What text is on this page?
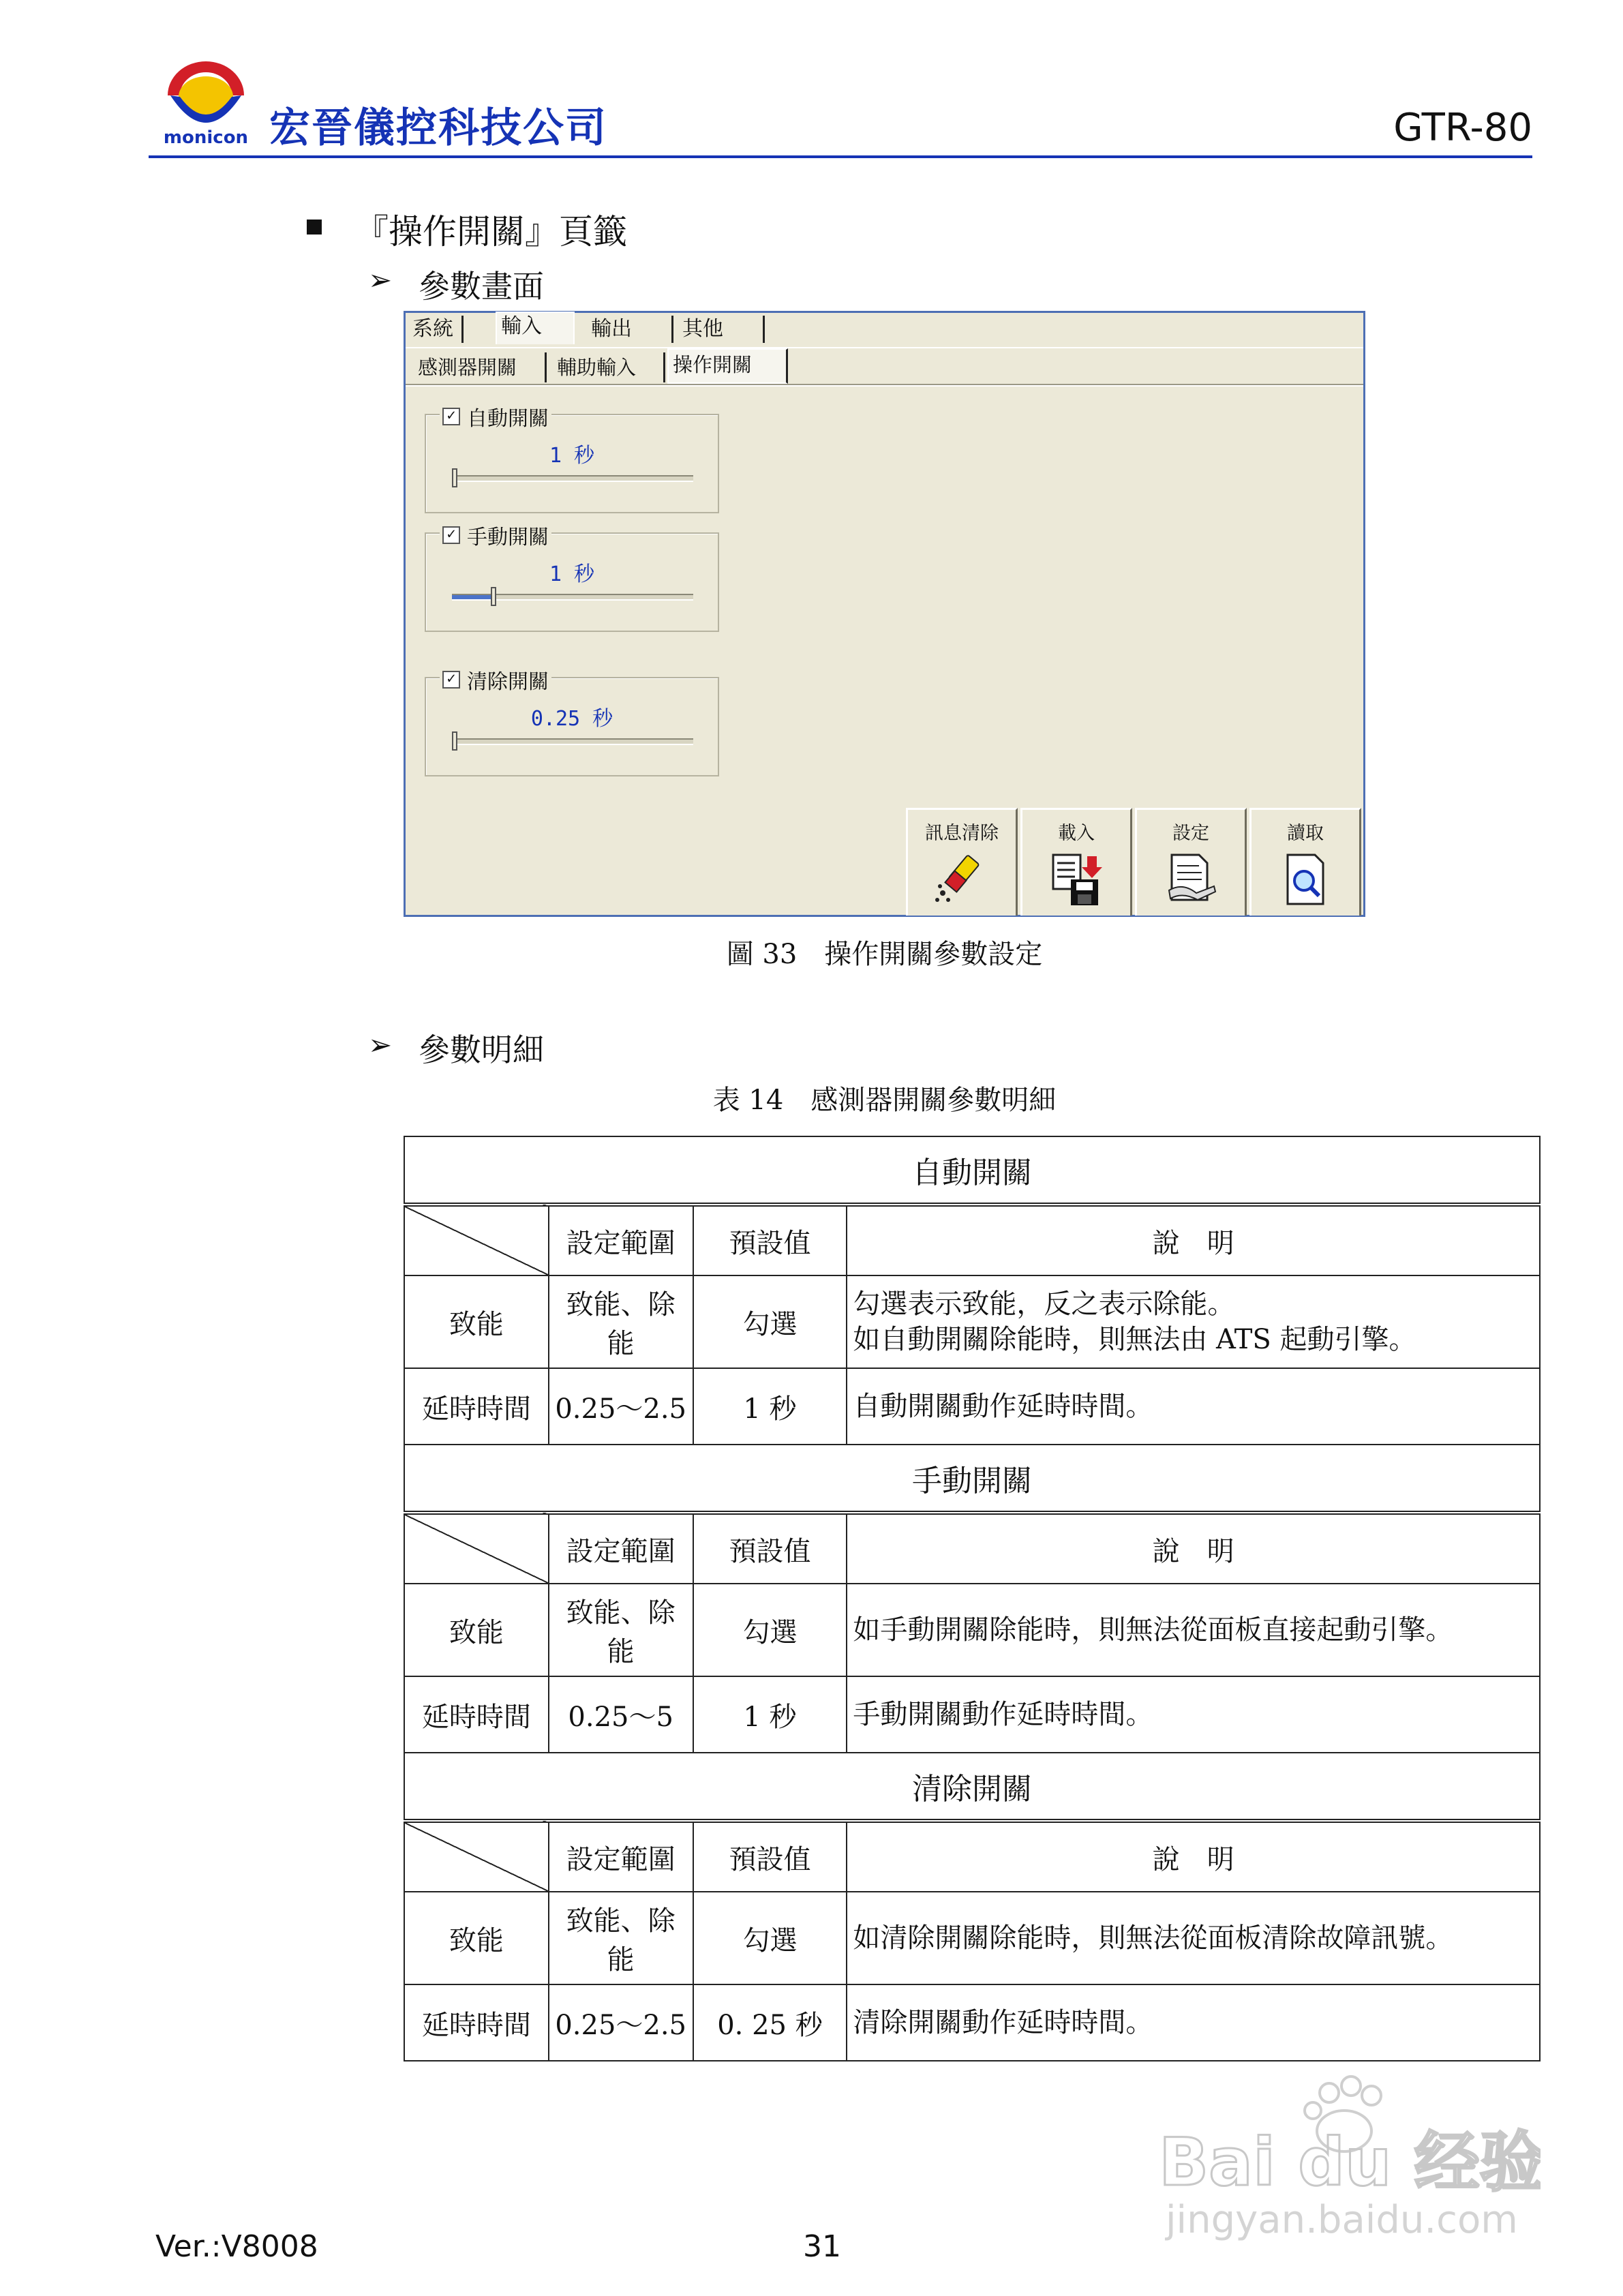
monicon 宏晉儀控科技公司	GTR-80
『操作開關』頁籤
➢ 參數畫面
系統	輸入	輸出	其他
感測器開關	輔助輸入	操作開關
✓ 自動開關
1 秒
✓ 手動開關
1 秒
✓ 清除開關
0.25 秒
訊息清除	載入	設定	讀取
圖 33　操作開關參數設定
➢ 參數明細
表 14　感測器開關參數明細
自動開關			
	設定範圍	預設值	說　明
致能	致能、除能	勾選	勾選表示致能，反之表示除能。
如自動開關除能時，則無法由 ATS 起動引擎。

延時時間	0.25～2.5	1 秒	自動開關動作延時時間。
手動開關			
	設定範圍	預設值	說　明
致能	致能、除能	勾選	如手動開關除能時，則無法從面板直接起動引擎。
延時時間	0.25～5	1 秒	手動開關動作延時時間。
清除開關			
	設定範圍	預設值	說　明
致能	致能、除能	勾選	如清除開關除能時，則無法從面板清除故障訊號。
延時時間	0.25～2.5	0. 25 秒	清除開關動作延時時間。
Bai du 经验
jingyan.baidu.com
Ver.:V8008	31
